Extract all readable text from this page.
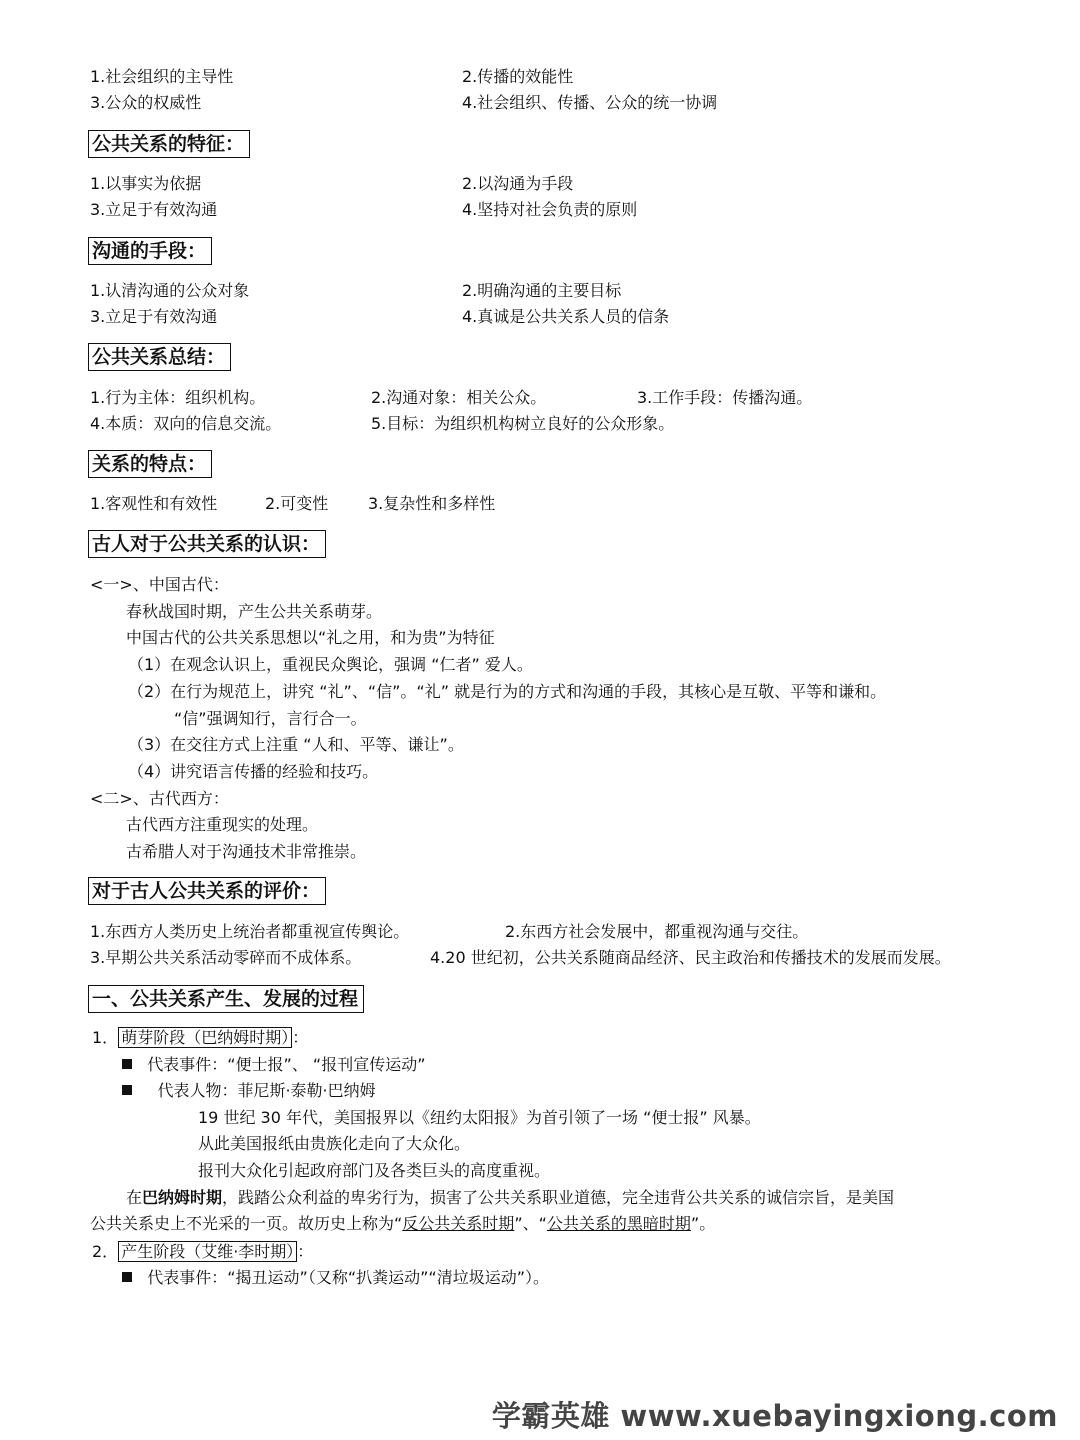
1.社会组织的主导性	2.传播的效能性
3.公众的权威性	4.社会组织、传播、公众的统一协调
公共关系的特征：
1.以事实为依据	2.以沟通为手段
3.立足于有效沟通	4.坚持对社会负责的原则
沟通的手段：
1.认清沟通的公众对象	2.明确沟通的主要目标
3.立足于有效沟通	4.真诚是公共关系人员的信条
公共关系总结：
1.行为主体：组织机构。	2.沟通对象：相关公众。	3.工作手段：传播沟通。
4.本质：双向的信息交流。	5.目标：为组织机构树立良好的公众形象。
关系的特点：
1.客观性和有效性	2.可变性 3.复杂性和多样性
古人对于公共关系的认识：
<一>、中国古代：
春秋战国时期，产生公共关系萌芽。
中国古代的公共关系思想以“礼之用，和为贵”为特征
（1）在观念认识上，重视民众舆论，强调 “仁者” 爱人。
（2）在行为规范上，讲究 “礼”、“信”。“礼” 就是行为的方式和沟通的手段，其核心是互敬、平等和谦和。
“信”强调知行，言行合一。
（3）在交往方式上注重 “人和、平等、谦让”。
（4）讲究语言传播的经验和技巧。
<二>、古代西方：
古代西方注重现实的处理。
古希腊人对于沟通技术非常推崇。
对于古人公共关系的评价：
1.东西方人类历史上统治者都重视宣传舆论。	2.东西方社会发展中，都重视沟通与交往。
3.早期公共关系活动零碎而不成体系。	4.20 世纪初，公共关系随商品经济、民主政治和传播技术的发展而发展。
一、公共关系产生、发展的过程
1． 萌芽阶段（巴纳姆时期） ：
代表事件：“便士报”、 “报刊宣传运动”
代表人物：菲尼斯·泰勒·巴纳姆
19 世纪 30 年代，美国报界以《纽约太阳报》为首引领了一场 “便士报” 风暴。
从此美国报纸由贵族化走向了大众化。
报刊大众化引起政府部门及各类巨头的高度重视。
在巴纳姆时期，践踏公众利益的卑劣行为，损害了公共关系职业道德，完全违背公共关系的诚信宗旨，是美国
公共关系史上不光采的一页。故历史上称为“反公共关系时期”、“公共关系的黑暗时期”。
2． 产生阶段（艾维·李时期） ：
代表事件：“揭丑运动”（又称“扒粪运动”“清垃圾运动”）。
学霸英雄 www.xuebayingxiong.com
